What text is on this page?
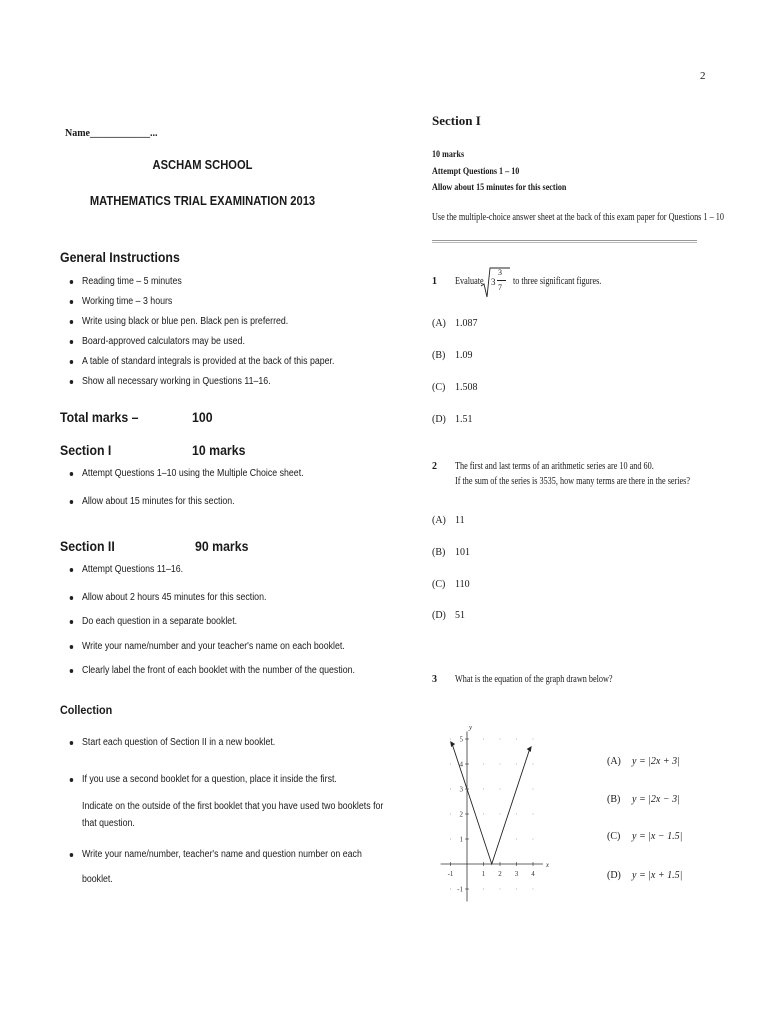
2
Name____________...
ASCHAM SCHOOL
MATHEMATICS TRIAL EXAMINATION 2013
General Instructions
Reading time – 5 minutes
Working time – 3 hours
Write using black or blue pen. Black pen is preferred.
Board-approved calculators may be used.
A table of standard integrals is provided at the back of this paper.
Show all necessary working in Questions 11–16.
Total marks –	100
Section I	10 marks
Attempt Questions 1–10 using the Multiple Choice sheet.
Allow about 15 minutes for this section.
Section II	90 marks
Attempt Questions 11–16.
Allow about 2 hours 45 minutes for this section.
Do each question in a separate booklet.
Write your name/number and your teacher's name on each booklet.
Clearly label the front of each booklet with the number of the question.
Collection
Start each question of Section II in a new booklet.
If you use a second booklet for a question, place it inside the first.
Indicate on the outside of the first booklet that you have used two booklets for
that question.
Write your name/number, teacher's name and question number on each
booklet.
Section I
10 marks
Attempt Questions 1 – 10
Allow about 15 minutes for this section
Use the multiple-choice answer sheet at the back of this exam paper for Questions 1 – 10
1 Evaluate 3
3
7
to three significant figures.
(A) 1.087
(B) 1.09
(C) 1.508
(D) 1.51
2 The first and last terms of an arithmetic series are 10 and 60.
If the sum of the series is 3535, how many terms are there in the series?
(A) 11
(B) 101
(C) 110
(D) 51
3 What is the equation of the graph drawn below?
-1	1 2 3 4
5
4
3
2
1
-1
x
y
(A) y = |2x + 3|
(B) y = |2x − 3|
(C) y = |x − 1.5|
(D) y = |x + 1.5|
